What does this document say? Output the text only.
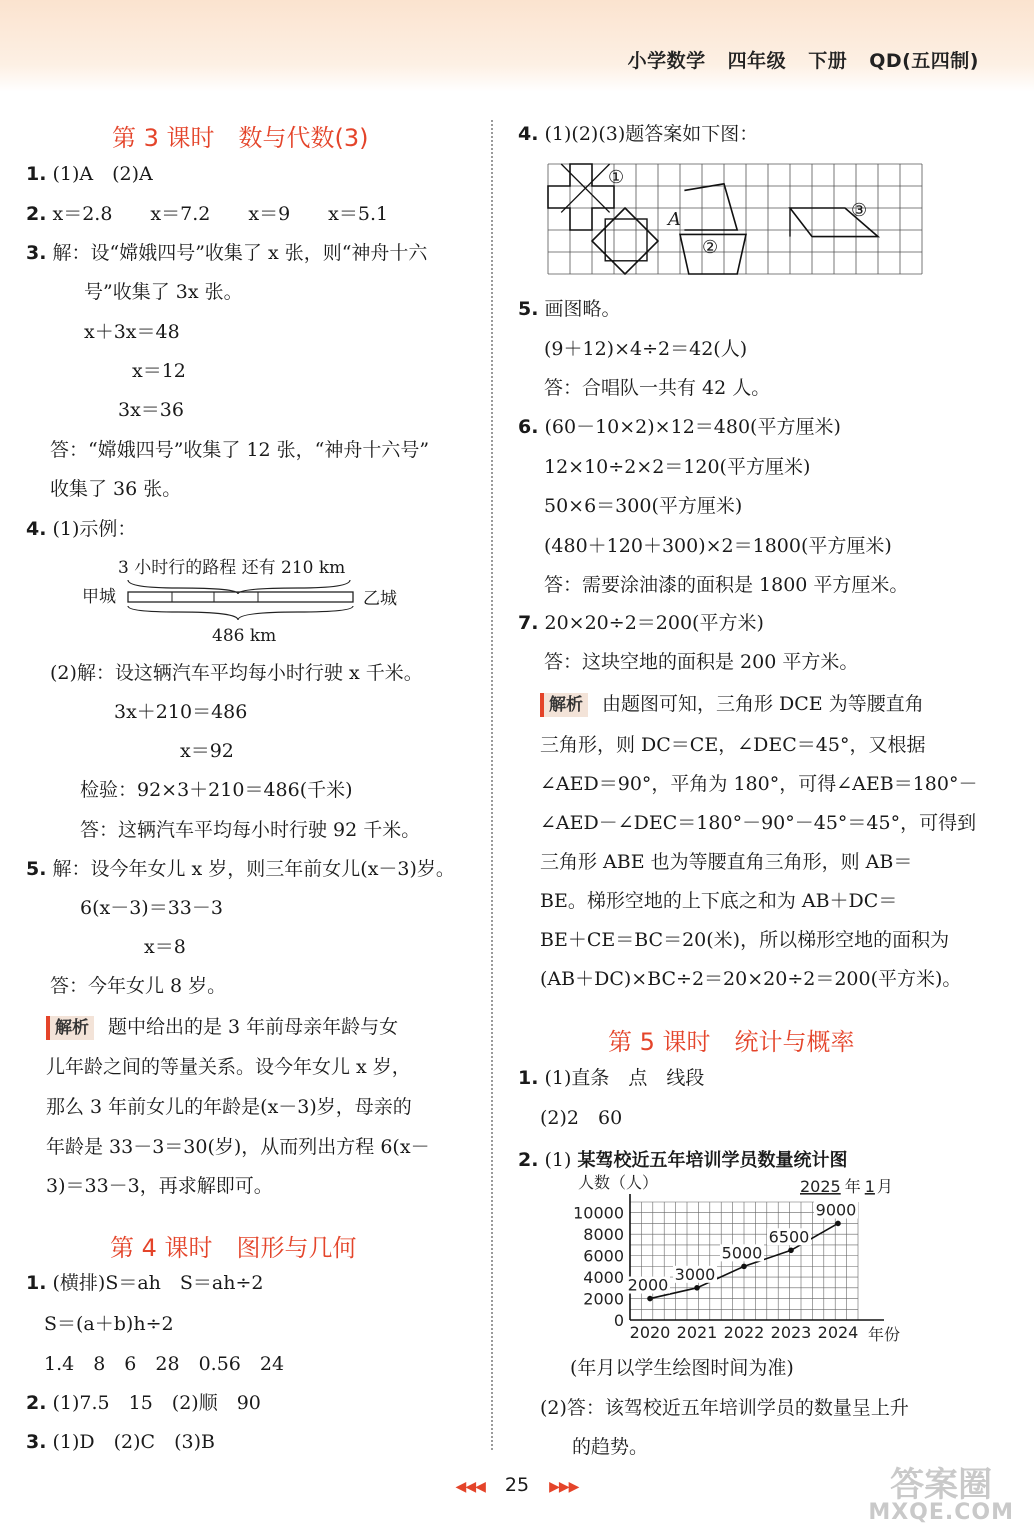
小学数学 四年级 下册 QD(五四制)
第 3 课时　数与代数(3)
1. (1)A　(2)A
2. x＝2.8　　x＝7.2　　x＝9　　x＝5.1
3. 解：设“嫦娥四号”收集了 x 张，则“神舟十六
号”收集了 3x 张。
x＋3x＝48
x＝12
3x＝36
答：“嫦娥四号”收集了 12 张，“神舟十六号”
收集了 36 张。
4. (1)示例：
3 小时行的路程 还有 210 km
甲城	乙城
486 km
(2)解：设这辆汽车平均每小时行驶 x 千米。
3x＋210＝486
x＝92
检验：92×3＋210＝486(千米)
答：这辆汽车平均每小时行驶 92 千米。
5. 解：设今年女儿 x 岁，则三年前女儿(x－3)岁。
6(x－3)＝33－3
x＝8
答：今年女儿 8 岁。
解析 题中给出的是 3 年前母亲年龄与女
儿年龄之间的等量关系。设今年女儿 x 岁，
那么 3 年前女儿的年龄是(x－3)岁，母亲的
年龄是 33－3＝30(岁)，从而列出方程 6(x－
3)＝33－3，再求解即可。
第 4 课时　图形与几何
1. (横排)S＝ah　S＝ah÷2
S＝(a＋b)h÷2
1.4　8　6　28　0.56　24
2. (1)7.5　15　(2)顺　90
3. (1)D　(2)C　(3)B
4. (1)(2)(3)题答案如下图：
①
②
③
A
5. 画图略。
(9＋12)×4÷2＝42(人)
答：合唱队一共有 42 人。
6. (60－10×2)×12＝480(平方厘米)
12×10÷2×2＝120(平方厘米)
50×6＝300(平方厘米)
(480＋120＋300)×2＝1800(平方厘米)
答：需要涂油漆的面积是 1800 平方厘米。
7. 20×20÷2＝200(平方米)
答：这块空地的面积是 200 平方米。
解析 由题图可知，三角形 DCE 为等腰直角
三角形，则 DC＝CE，∠DEC＝45°，又根据
∠AED＝90°，平角为 180°，可得∠AEB＝180°－
∠AED－∠DEC＝180°－90°－45°＝45°，可得到
三角形 ABE 也为等腰直角三角形，则 AB＝
BE。梯形空地的上下底之和为 AB＋DC＝
BE＋CE＝BC＝20(米)，所以梯形空地的面积为
(AB＋DC)×BC÷2＝20×20÷2＝200(平方米)。
第 5 课时　统计与概率
1. (1)直条　点　线段
(2)2　60
2. (1) 某驾校近五年培训学员数量统计图
人数（人）	2025 年 1 月
0
2000
4000
6000
8000
10000
2020 2021 2022 2023 2024
2000
3000
5000
6500
9000
年份
(年月以学生绘图时间为准)
(2)答：该驾校近五年培训学员的数量呈上升
的趋势。
◀◀◀ 25 ▶▶▶	答案圈
MXQE.COM
